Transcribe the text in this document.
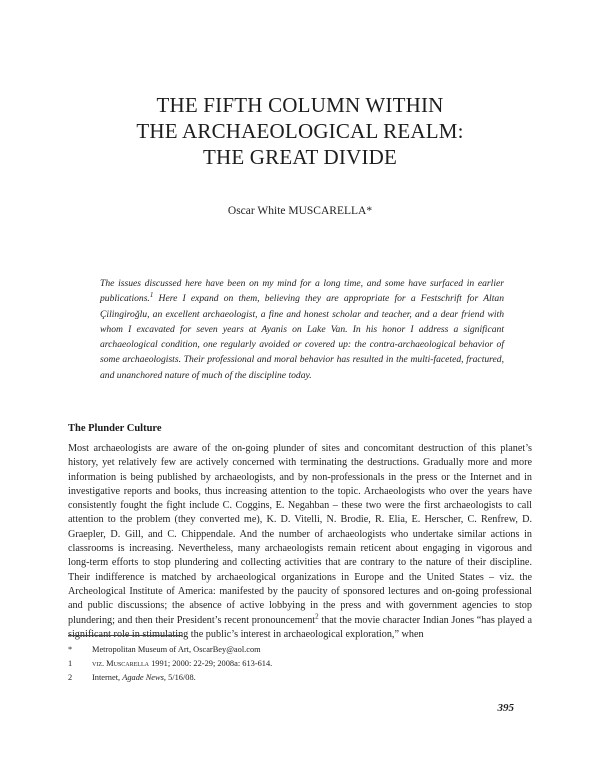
THE FIFTH COLUMN WITHIN
THE ARCHAEOLOGICAL REALM:
THE GREAT DIVIDE
Oscar White MUSCARELLA*
The issues discussed here have been on my mind for a long time, and some have surfaced in earlier publications.$^1$ Here I expand on them, believing they are appropriate for a Festschrift for Altan Çilingiroğlu, an excellent archaeologist, a fine and honest scholar and teacher, and a dear friend with whom I excavated for seven years at Ayanis on Lake Van. In his honor I address a significant archaeological condition, one regularly avoided or covered up: the contra-archaeological behavior of some archaeologists. Their professional and moral behavior has resulted in the multi-faceted, fractured, and unanchored nature of much of the discipline today.
The Plunder Culture

Most archaeologists are aware of the on-going plunder of sites and concomitant destruction of this planet’s history, yet relatively few are actively concerned with terminating the destructions. Gradually more and more information is being published by archaeologists, and by non-professionals in the press or the Internet and in investigative reports and books, thus increasing attention to the topic. Archaeologists who over the years have consistently fought the fight include C. Coggins, E. Negahban – these two were the first archaeologists to call attention to the problem (they converted me), K. D. Vitelli, N. Brodie, R. Elia, E. Herscher, C. Renfrew, D. Graepler, D. Gill, and C. Chippendale. And the number of archaeologists who undertake similar actions in classrooms is increasing. Nevertheless, many archaeologists remain reticent about engaging in vigorous and long-term efforts to stop plundering and collecting activities that are contrary to the nature of their discipline. Their indifference is matched by archaeological organizations in Europe and the United States – viz. the Archeological Institute of America: manifested by the paucity of sponsored lectures and on-going professional and public discussions; the absence of active lobbying in the press and with government agencies to stop plundering; and then their President’s recent pronouncement$^2$ that the movie character Indian Jones “has played a significant role in stimulating the public’s interest in archaeological exploration,” when

*	Metropolitan Museum of Art, OscarBey@aol.com
1	viz. Muscarella 1991; 2000: 22-29; 2008a: 613-614.
2	Internet, Agade News, 5/16/08.
395
